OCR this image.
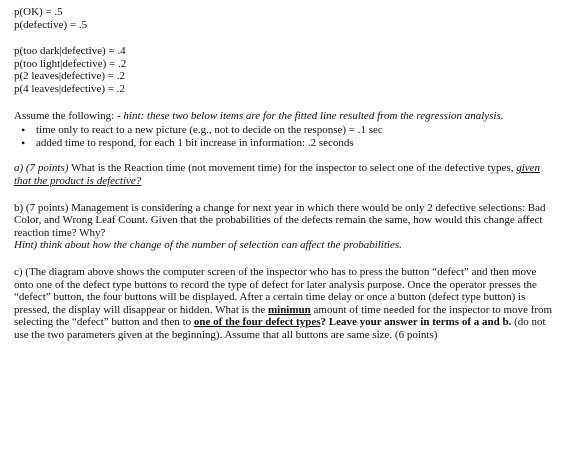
p(OK) = .5

p(defective) = .5

p(too dark|defective) = .4

p(too light|defective) = .2

p(2 leaves|defective) = .2

p(4 leaves|defective) = .2

Assume the following: - hint: these two below items are for the fitted line resulted from the regression analysis.

• time only to react to a new picture (e.g., not to decide on the response) = .1 sec
• added time to respond, for each 1 bit increase in information: .2 seconds

a) (7 points) What is the Reaction time (not movement time) for the inspector to select one of the defective types, given that the product is defective?

b) (7 points) Management is considering a change for next year in which there would be only 2 defective selections: Bad Color, and Wrong Leaf Count. Given that the probabilities of the defects remain the same, how would this change affect reaction time? Why?

Hint) think about how the change of the number of selection can affect the probabilities.

c) (The diagram above shows the computer screen of the inspector who has to press the button “defect” and then move onto one of the defect type buttons to record the type of defect for later analysis purpose. Once the operator presses the “defect” button, the four buttons will be displayed. After a certain time delay or once a button (defect type button) is pressed, the display will disappear or hidden. What is the minimun amount of time needed for the inspector to move from selecting the “defect” button and then to one of the four defect types? Leave your answer in terms of a and b. (do not use the two parameters given at the beginning). Assume that all buttons are same size. (6 points)
